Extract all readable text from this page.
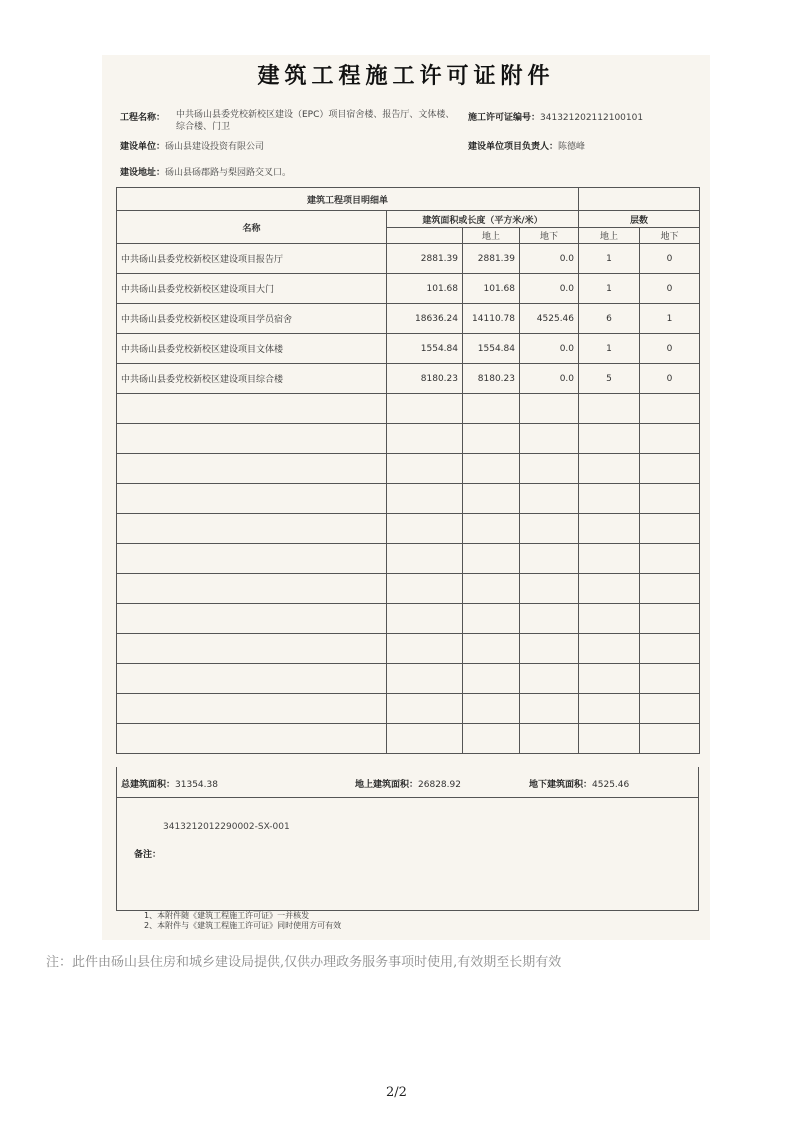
建筑工程施工许可证附件
工程名称： 中共砀山县委党校新校区建设（EPC）项目宿舍楼、报告厅、文体楼、
综合楼、门卫
施工许可证编号：341321202112100101
建设单位：砀山县建设投资有限公司	建设单位项目负责人：陈德峰
建设地址：砀山县砀郡路与梨园路交叉口。
建筑工程项目明细单					
名称	建筑面积或长度（平方米/米）			层数	
		地上	地下	地上	地下
中共砀山县委党校新校区建设项目报告厅	2881.39	2881.39	0.0	1	0
中共砀山县委党校新校区建设项目大门	101.68	101.68	0.0	1	0
中共砀山县委党校新校区建设项目学员宿舍	18636.24	14110.78	4525.46	6	1
中共砀山县委党校新校区建设项目文体楼	1554.84	1554.84	0.0	1	0
中共砀山县委党校新校区建设项目综合楼	8180.23	8180.23	0.0	5	0

总建筑面积：31354.38	地上建筑面积：26828.92	地下建筑面积：4525.46
3413212012290002-SX-001
备注：
1、本附件随《建筑工程施工许可证》一并核发
2、本附件与《建筑工程施工许可证》同时使用方可有效
注：此件由砀山县住房和城乡建设局提供,仅供办理政务服务事项时使用,有效期至长期有效
2/2
